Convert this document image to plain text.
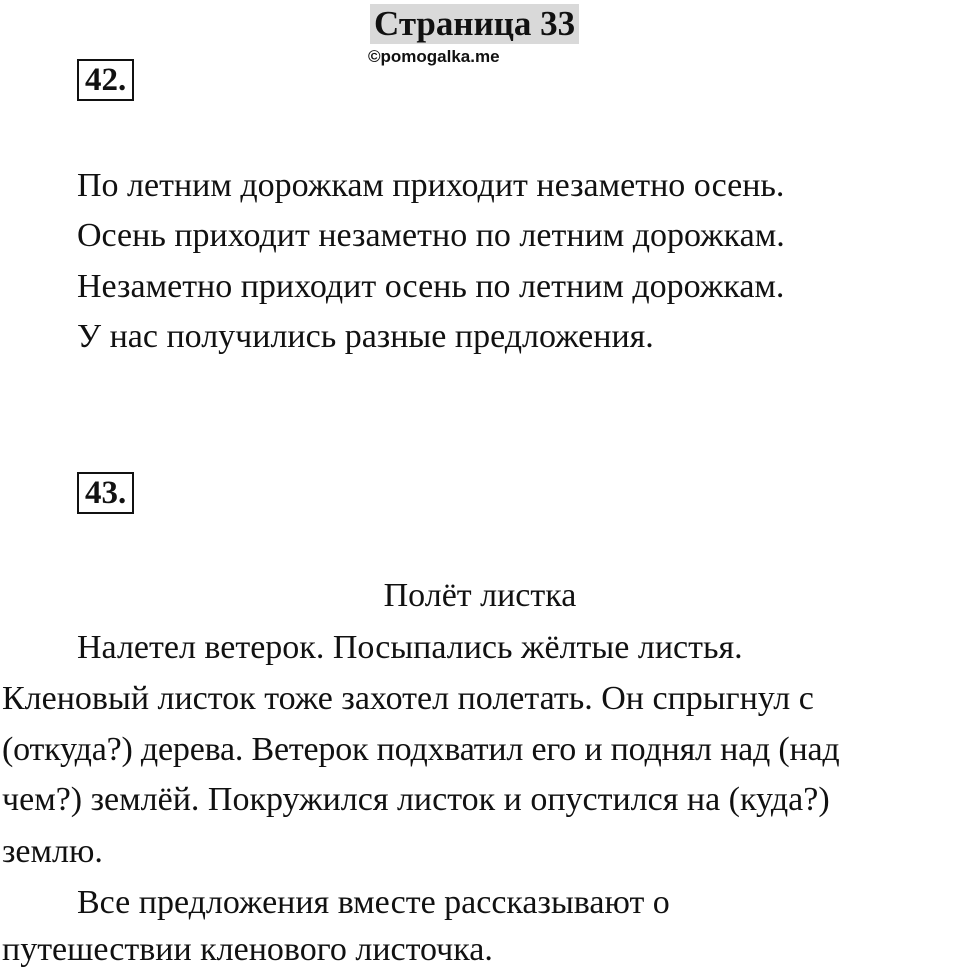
Страница 33
©pomogalka.me
42.
По летним дорожкам приходит незаметно осень.
Осень приходит незаметно по летним дорожкам.
Незаметно приходит осень по летним дорожкам.
У нас получились разные предложения.
43.
Полёт листка
Налетел ветерок. Посыпались жёлтые листья.
Кленовый листок тоже захотел полетать. Он спрыгнул с
(откуда?) дерева. Ветерок подхватил его и поднял над (над
чем?) землёй. Покружился листок и опустился на (куда?)
землю.
Все предложения вместе рассказывают о
путешествии кленового листочка.
